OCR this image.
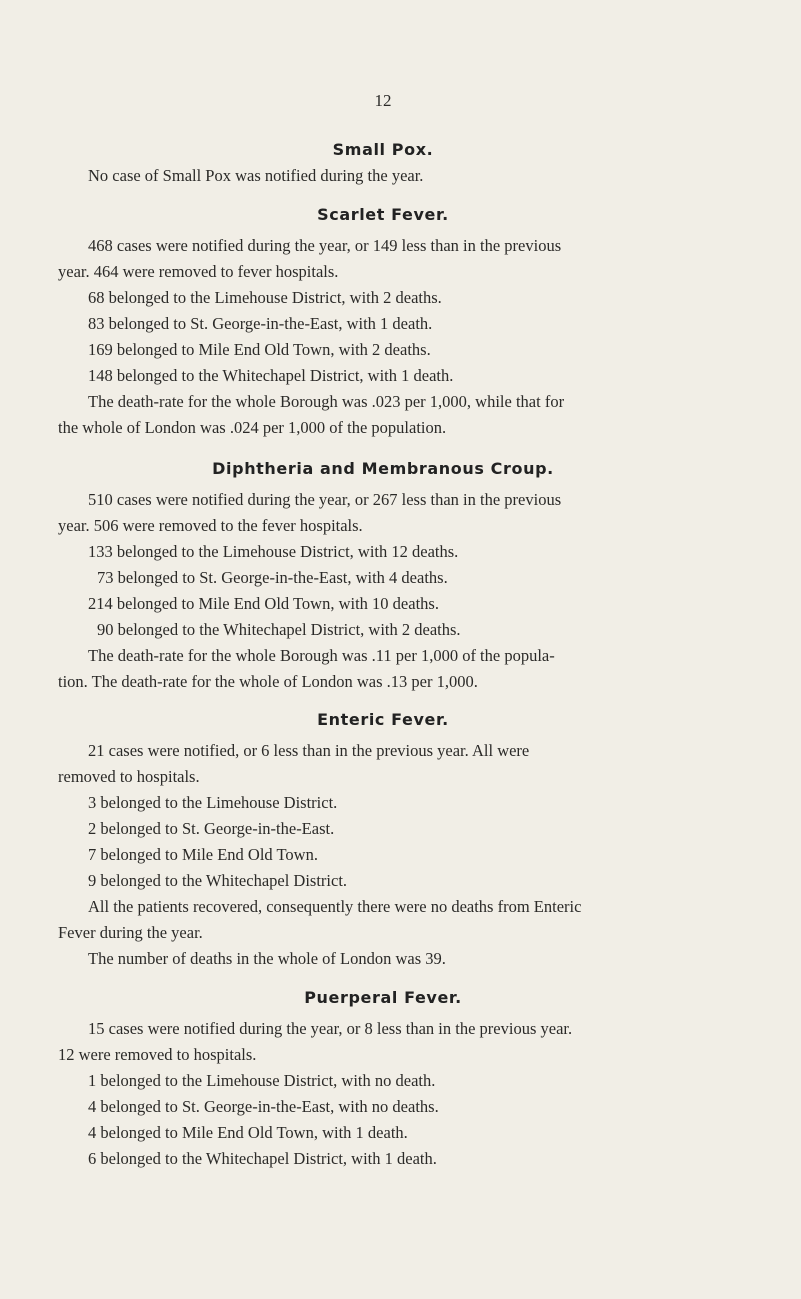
12
Small Pox.
No case of Small Pox was notified during the year.
Scarlet Fever.
468 cases were notified during the year, or 149 less than in the previous
year. 464 were removed to fever hospitals.
68 belonged to the Limehouse District, with 2 deaths.
83 belonged to St. George-in-the-East, with 1 death.
169 belonged to Mile End Old Town, with 2 deaths.
148 belonged to the Whitechapel District, with 1 death.
The death-rate for the whole Borough was .023 per 1,000, while that for
the whole of London was .024 per 1,000 of the population.
Diphtheria and Membranous Croup.
510 cases were notified during the year, or 267 less than in the previous
year. 506 were removed to the fever hospitals.
133 belonged to the Limehouse District, with 12 deaths.
73 belonged to St. George-in-the-East, with 4 deaths.
214 belonged to Mile End Old Town, with 10 deaths.
90 belonged to the Whitechapel District, with 2 deaths.
The death-rate for the whole Borough was .11 per 1,000 of the popula-
tion. The death-rate for the whole of London was .13 per 1,000.
Enteric Fever.
21 cases were notified, or 6 less than in the previous year. All were
removed to hospitals.
3 belonged to the Limehouse District.
2 belonged to St. George-in-the-East.
7 belonged to Mile End Old Town.
9 belonged to the Whitechapel District.
All the patients recovered, consequently there were no deaths from Enteric
Fever during the year.
The number of deaths in the whole of London was 39.
Puerperal Fever.
15 cases were notified during the year, or 8 less than in the previous year.
12 were removed to hospitals.
1 belonged to the Limehouse District, with no death.
4 belonged to St. George-in-the-East, with no deaths.
4 belonged to Mile End Old Town, with 1 death.
6 belonged to the Whitechapel District, with 1 death.
